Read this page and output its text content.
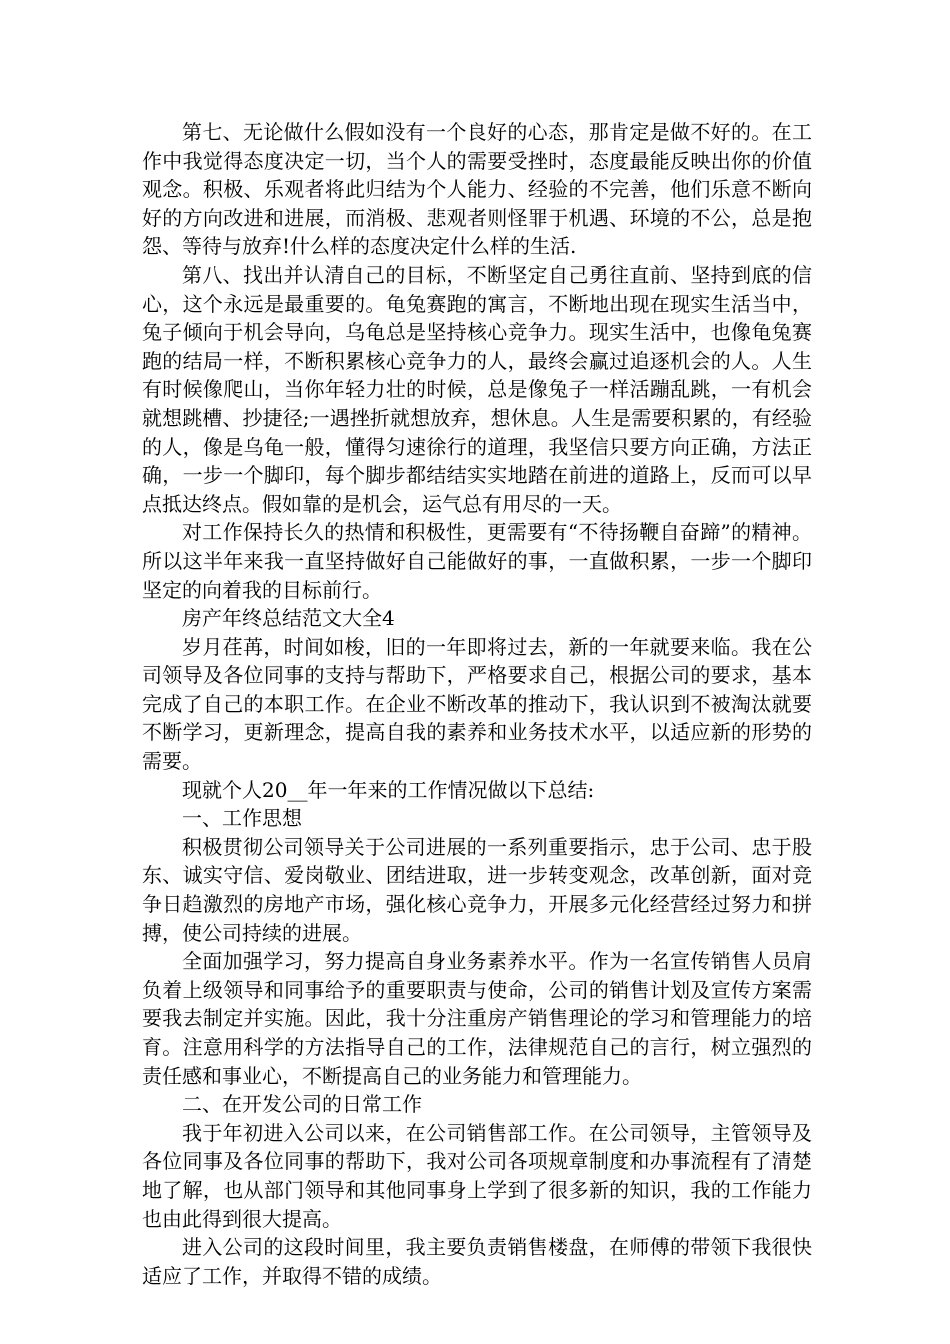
第七、无论做什么假如没有一个良好的心态，那肯定是做不好的。在工作中我觉得态度决定一切，当个人的需要受挫时，态度最能反映出你的价值观念。积极、乐观者将此归结为个人能力、经验的不完善，他们乐意不断向好的方向改进和进展，而消极、悲观者则怪罪于机遇、环境的不公，总是抱怨、等待与放弃!什么样的态度决定什么样的生活.

第八、找出并认清自己的目标，不断坚定自己勇往直前、坚持到底的信心，这个永远是最重要的。龟兔赛跑的寓言，不断地出现在现实生活当中，兔子倾向于机会导向，乌龟总是坚持核心竞争力。现实生活中，也像龟兔赛跑的结局一样，不断积累核心竞争力的人，最终会赢过追逐机会的人。人生有时候像爬山，当你年轻力壮的时候，总是像兔子一样活蹦乱跳，一有机会就想跳槽、抄捷径;一遇挫折就想放弃，想休息。人生是需要积累的，有经验的人，像是乌龟一般，懂得匀速徐行的道理，我坚信只要方向正确，方法正确，一步一个脚印，每个脚步都结结实实地踏在前进的道路上，反而可以早点抵达终点。假如靠的是机会，运气总有用尽的一天。

对工作保持长久的热情和积极性，更需要有“不待扬鞭自奋蹄”的精神。所以这半年来我一直坚持做好自己能做好的事，一直做积累，一步一个脚印坚定的向着我的目标前行。

房产年终总结范文大全4

岁月荏苒，时间如梭，旧的一年即将过去，新的一年就要来临。我在公司领导及各位同事的支持与帮助下，严格要求自己，根据公司的要求，基本完成了自己的本职工作。在企业不断改革的推动下，我认识到不被淘汰就要不断学习，更新理念，提高自我的素养和业务技术水平，以适应新的形势的需要。

现就个人20__年一年来的工作情况做以下总结:

一、工作思想

积极贯彻公司领导关于公司进展的一系列重要指示，忠于公司、忠于股东、诚实守信、爱岗敬业、团结进取，进一步转变观念，改革创新，面对竞争日趋激烈的房地产市场，强化核心竞争力，开展多元化经营经过努力和拼搏，使公司持续的进展。

全面加强学习，努力提高自身业务素养水平。作为一名宣传销售人员肩负着上级领导和同事给予的重要职责与使命，公司的销售计划及宣传方案需要我去制定并实施。因此，我十分注重房产销售理论的学习和管理能力的培育。注意用科学的方法指导自己的工作，法律规范自己的言行，树立强烈的责任感和事业心，不断提高自己的业务能力和管理能力。

二、在开发公司的日常工作

我于年初进入公司以来，在公司销售部工作。在公司领导，主管领导及各位同事及各位同事的帮助下，我对公司各项规章制度和办事流程有了清楚地了解，也从部门领导和其他同事身上学到了很多新的知识，我的工作能力也由此得到很大提高。

进入公司的这段时间里，我主要负责销售楼盘，在师傅的带领下我很快适应了工作，并取得不错的成绩。
